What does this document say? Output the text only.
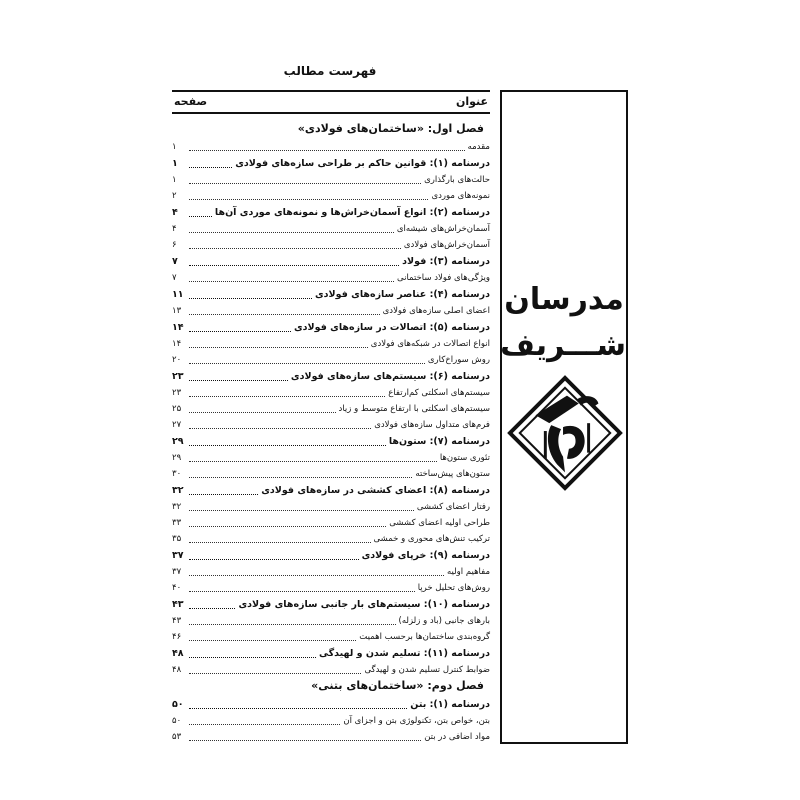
فهرست مطالب
عنوان
صفحه
فصل اول: «ساختمان‌های فولادی»
مقدمه
۱
درسنامه (۱): قوانین حاکم بر طراحی سازه‌های فولادی
۱
حالت‌های بارگذاری
۱
نمونه‌های موردی
۲
درسنامه (۲): انواع آسمان‌خراش‌ها و نمونه‌های موردی آن‌ها
۴
آسمان‌خراش‌های شیشه‌ای
۴
آسمان‌خراش‌های فولادی
۶
درسنامه (۳): فولاد
۷
ویژگی‌های فولاد ساختمانی
۷
درسنامه (۴): عناصر سازه‌های فولادی
۱۱
اعضای اصلی سازه‌های فولادی
۱۳
درسنامه (۵): اتصالات در سازه‌های فولادی
۱۴
انواع اتصالات در شبکه‌های فولادی
۱۴
روش سوراخ‌کاری
۲۰
درسنامه (۶): سیستم‌های سازه‌های فولادی
۲۳
سیستم‌های اسکلتی کم‌ارتفاع
۲۳
سیستم‌های اسکلتی با ارتفاع متوسط و زیاد
۲۵
فرم‌های متداول سازه‌های فولادی
۲۷
درسنامه (۷): ستون‌ها
۲۹
تئوری ستون‌ها
۲۹
ستون‌های پیش‌ساخته
۳۰
درسنامه (۸): اعضای کششی در سازه‌های فولادی
۳۲
رفتار اعضای کششی
۳۲
طراحی اولیه اعضای کششی
۳۳
ترکیب تنش‌های محوری و خمشی
۳۵
درسنامه (۹): خرپای فولادی
۳۷
مفاهیم اولیه
۳۷
روش‌های تحلیل خرپا
۴۰
درسنامه (۱۰): سیستم‌های بار جانبی سازه‌های فولادی
۴۳
بارهای جانبی (باد و زلزله)
۴۳
گروه‌بندی ساختمان‌ها برحسب اهمیت
۴۶
درسنامه (۱۱): تسلیم شدن و لهیدگی
۴۸
ضوابط کنترل تسلیم شدن و لهیدگی
۴۸
فصل دوم: «ساختمان‌های بتنی»
درسنامه (۱): بتن
۵۰
بتن، خواص بتن، تکنولوژی بتن و اجزای آن
۵۰
مواد اضافی در بتن
۵۳
مدرسان
شـــريف
